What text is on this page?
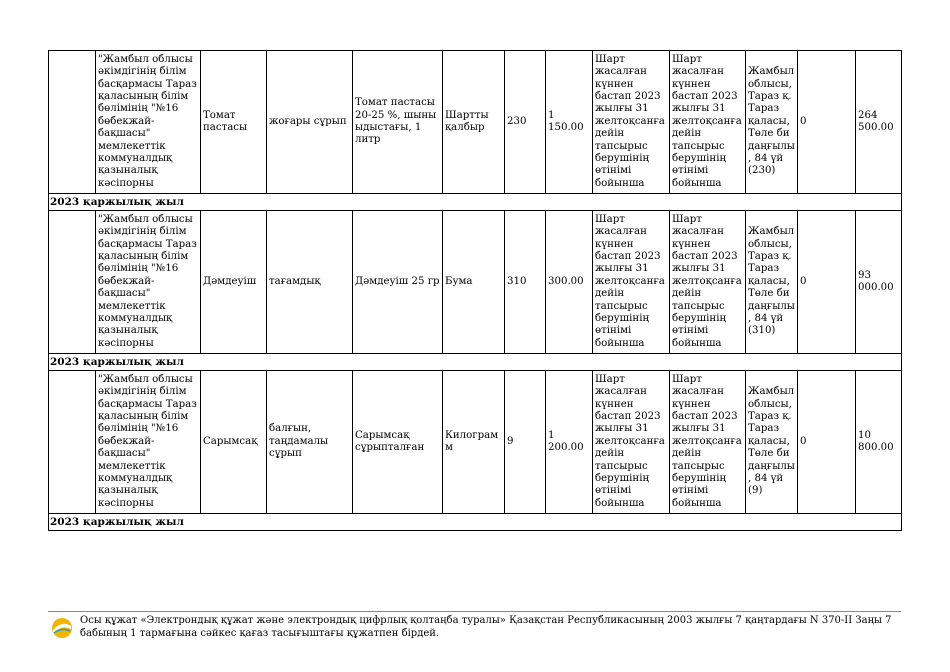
	"Жамбыл облысы әкімдігінің білім басқармасы Тараз қаласының білім бөлімінің "№16 бөбекжай-бақшасы" мемлекеттік коммуналдық қазыналық кәсіпорны	Томат пастасы	жоғары сұрып	Томат пастасы 20-25 %, шыны ыдыстағы, 1 литр	Шартты қалбыр	230	1 150.00	Шарт жасалған күннен бастап 2023 жылғы 31 желтоқсанға дейін тапсырыс берушінің өтінімі бойынша	Шарт жасалған күннен бастап 2023 жылғы 31 желтоқсанға дейін тапсырыс берушінің өтінімі бойынша	Жамбыл облысы, Тараз қ. Тараз қаласы, Төле би даңғылы, 84 үй (230)	0	264 500.00
2023 қаржылық жыл												
	"Жамбыл облысы әкімдігінің білім басқармасы Тараз қаласының білім бөлімінің "№16 бөбекжай-бақшасы" мемлекеттік коммуналдық қазыналық кәсіпорны	Дәмдеуіш	тағамдық	Дәмдеуіш 25 гр	Бума	310	300.00	Шарт жасалған күннен бастап 2023 жылғы 31 желтоқсанға дейін тапсырыс берушінің өтінімі бойынша	Шарт жасалған күннен бастап 2023 жылғы 31 желтоқсанға дейін тапсырыс берушінің өтінімі бойынша	Жамбыл облысы, Тараз қ. Тараз қаласы, Төле би даңғылы, 84 үй (310)	0	93 000.00
2023 қаржылық жыл												
	"Жамбыл облысы әкімдігінің білім басқармасы Тараз қаласының білім бөлімінің "№16 бөбекжай-бақшасы" мемлекеттік коммуналдық қазыналық кәсіпорны	Сарымсақ	балғын, таңдамалы сұрып	Сарымсақ сұрыпталған	Килограмм	9	1 200.00	Шарт жасалған күннен бастап 2023 жылғы 31 желтоқсанға дейін тапсырыс берушінің өтінімі бойынша	Шарт жасалған күннен бастап 2023 жылғы 31 желтоқсанға дейін тапсырыс берушінің өтінімі бойынша	Жамбыл облысы, Тараз қ. Тараз қаласы, Төле би даңғылы, 84 үй (9)	0	10 800.00
2023 қаржылық жыл												
Осы құжат «Электрондық құжат және электрондық цифрлық қолтаңба туралы» Қазақстан Республикасының 2003 жылғы 7 қаңтардағы N 370-II Заңы 7 бабының 1 тармағына сәйкес қағаз тасығыштағы құжатпен бірдей.
